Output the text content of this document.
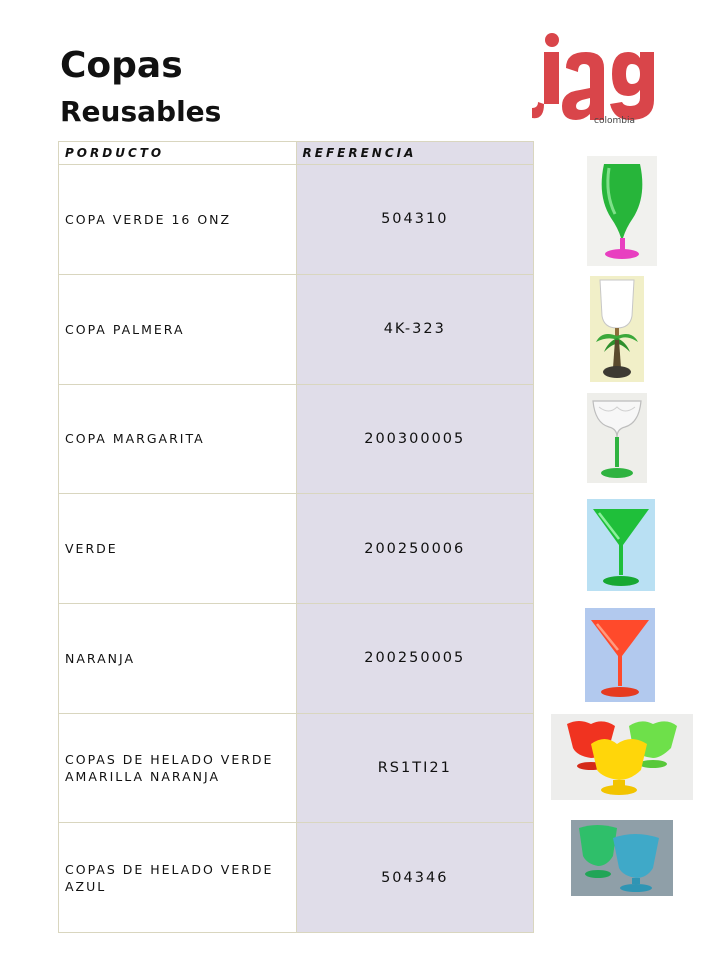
Copas
Reusables	colombia
PORDUCTO	REFERENCIA
COPA VERDE 16 ONZ	504310
COPA PALMERA	4K-323
COPA MARGARITA	200300005
VERDE	200250006
NARANJA	200250005
COPAS DE HELADO VERDE AMARILLA NARANJA	RS1TI21
COPAS DE HELADO VERDE AZUL	504346
